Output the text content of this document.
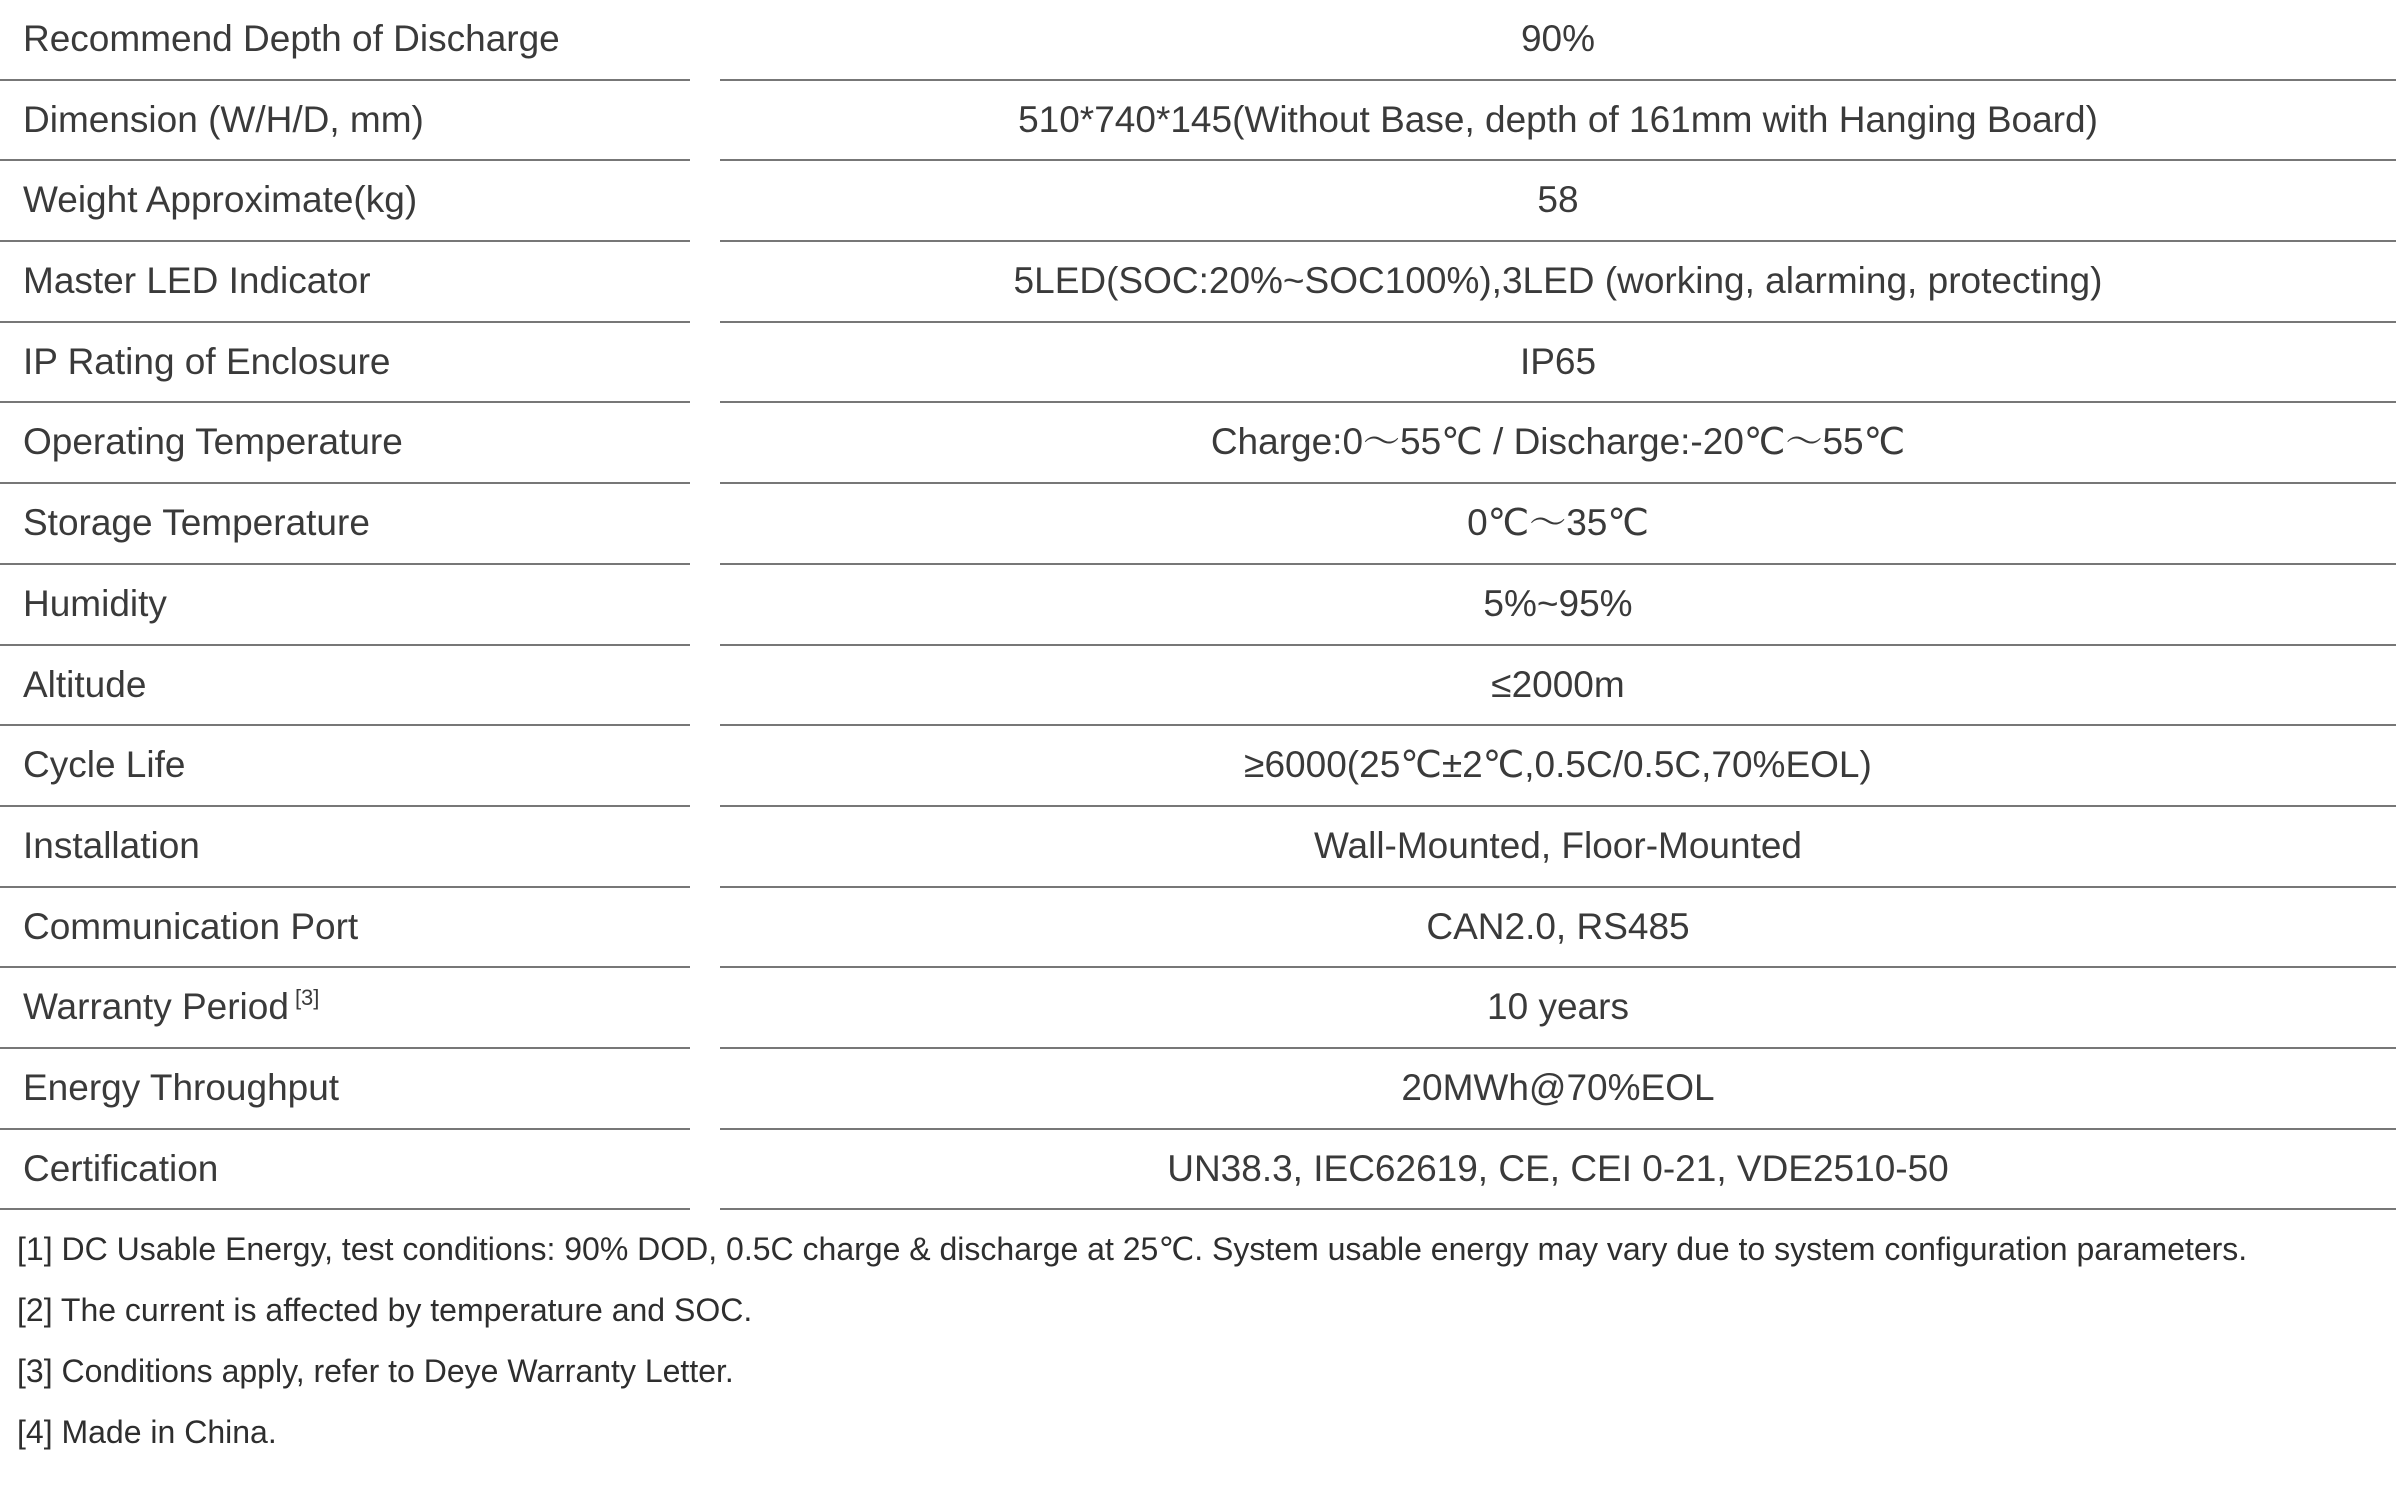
Recommend Depth of Discharge	90%
Dimension (W/H/D, mm)	510*740*145(Without Base, depth of 161mm with Hanging Board)
Weight Approximate(kg)	58
Master LED Indicator	5LED(SOC:20%~SOC100%),3LED (working, alarming, protecting)
IP Rating of Enclosure	IP65
Operating Temperature	Charge:0～55℃ / Discharge:-20℃～55℃
Storage Temperature	0℃～35℃
Humidity	5%~95%
Altitude	≤2000m
Cycle Life	≥6000(25℃±2℃,0.5C/0.5C,70%EOL)
Installation	Wall-Mounted, Floor-Mounted
Communication Port	CAN2.0, RS485
Warranty Period [3]	10 years
Energy Throughput	20MWh@70%EOL
Certification	UN38.3, IEC62619, CE, CEI 0-21, VDE2510-50
[1] DC Usable Energy, test conditions: 90% DOD, 0.5C charge & discharge at 25℃. System usable energy may vary due to system configuration parameters.
[2] The current is affected by temperature and SOC.
[3] Conditions apply, refer to Deye Warranty Letter.
[4] Made in China.
